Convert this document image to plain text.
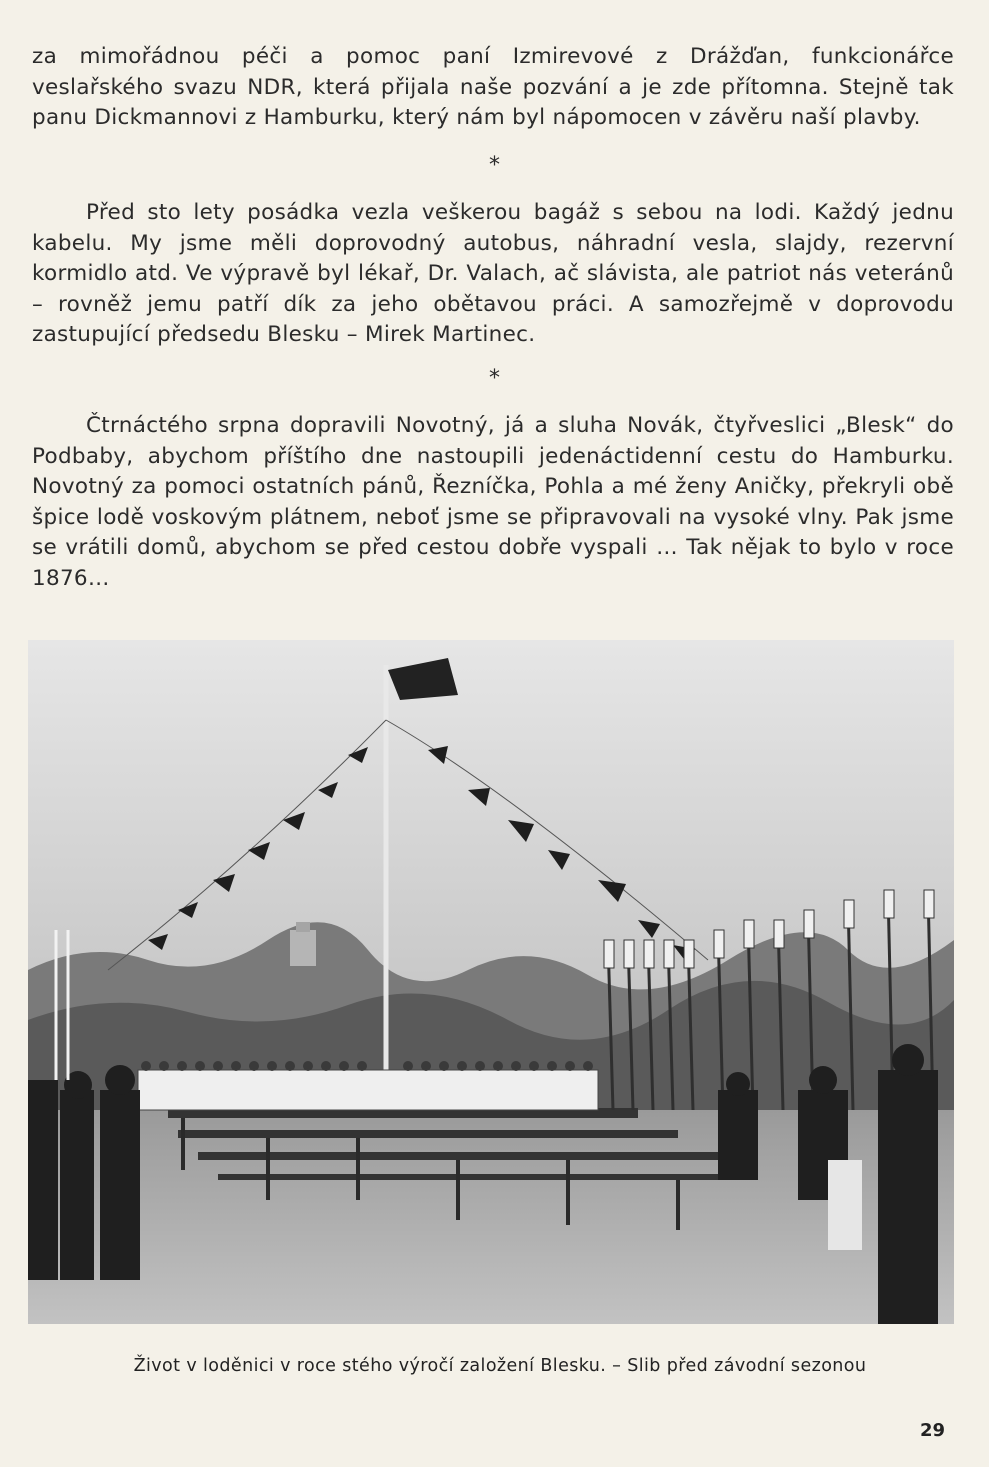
za mimořádnou péči a pomoc paní Izmirevové z Drážďan, funkcionářce veslařského svazu NDR, která přijala naše pozvání a je zde přítomna. Stejně tak panu Dickmannovi z Hamburku, který nám byl nápomocen v závěru naší plavby.

*

Před sto lety posádka vezla veškerou bagáž s sebou na lodi. Každý jednu kabelu. My jsme měli doprovodný autobus, náhradní vesla, slajdy, rezervní kormidlo atd. Ve výpravě byl lékař, Dr. Valach, ač slávista, ale patriot nás veteránů – rovněž jemu patří dík za jeho obětavou práci. A samozřejmě v doprovodu zastupující předsedu Blesku – Mirek Martinec.

*

Čtrnáctého srpna dopravili Novotný, já a sluha Novák, čtyřveslici „Blesk“ do Podbaby, abychom příštího dne nastoupili jedenáctidenní cestu do Hamburku. Novotný za pomoci ostatních pánů, Řezníčka, Pohla a mé ženy Aničky, překryli obě špice lodě voskovým plátnem, neboť jsme se připravovali na vysoké vlny. Pak jsme se vrátili domů, abychom se před cestou dobře vyspali … Tak nějak to bylo v roce 1876…

Život v loděnici v roce stého výročí založení Blesku. – Slib před závodní sezonou
29
